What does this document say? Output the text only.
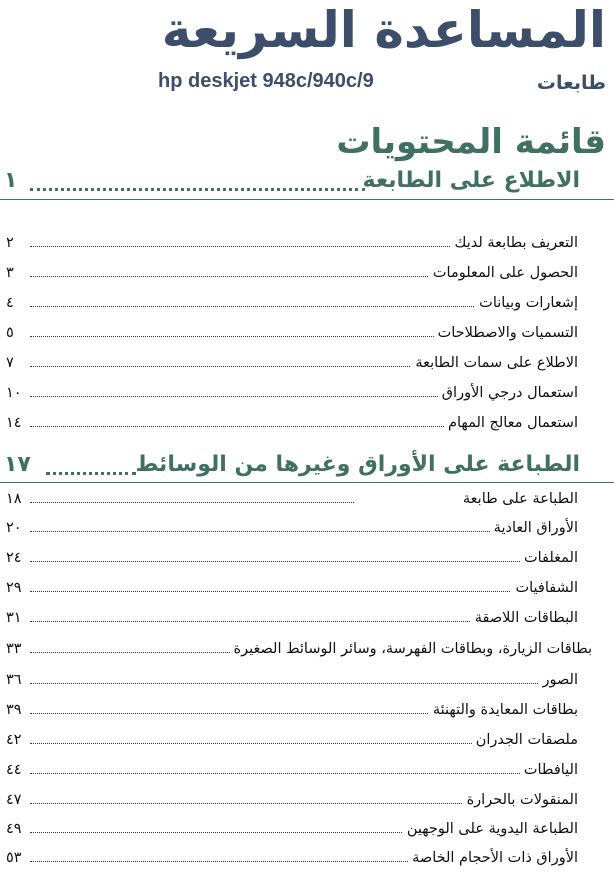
المساعدة السريعة
طابعات
hp deskjet 948c/940c/9
قائمة المحتويات
الاطلاع على الطابعة
١
التعريف بطابعة لديك
٢
الحصول على المعلومات
٣
إشعارات وبيانات
٤
التسميات والاصطلاحات
٥
الاطلاع على سمات الطابعة
٧
استعمال درجي الأوراق
١٠
استعمال معالج المهام
١٤
الطباعة على الأوراق وغيرها من الوسائط
١٧
الطباعة على طابعة
١٨
الأوراق العادية
٢٠
المغلفات
٢٤
الشفافيات
٢٩
البطاقات اللاصقة
٣١
بطاقات الزيارة، وبطاقات الفهرسة، وسائر الوسائط الصغيرة
٣٣
الصور
٣٦
بطاقات المعايدة والتهنئة
٣٩
ملصقات الجدران
٤٢
اليافطات
٤٤
المنقولات بالحرارة
٤٧
الطباعة اليدوية على الوجهين
٤٩
الأوراق ذات الأحجام الخاصة
٥٣
